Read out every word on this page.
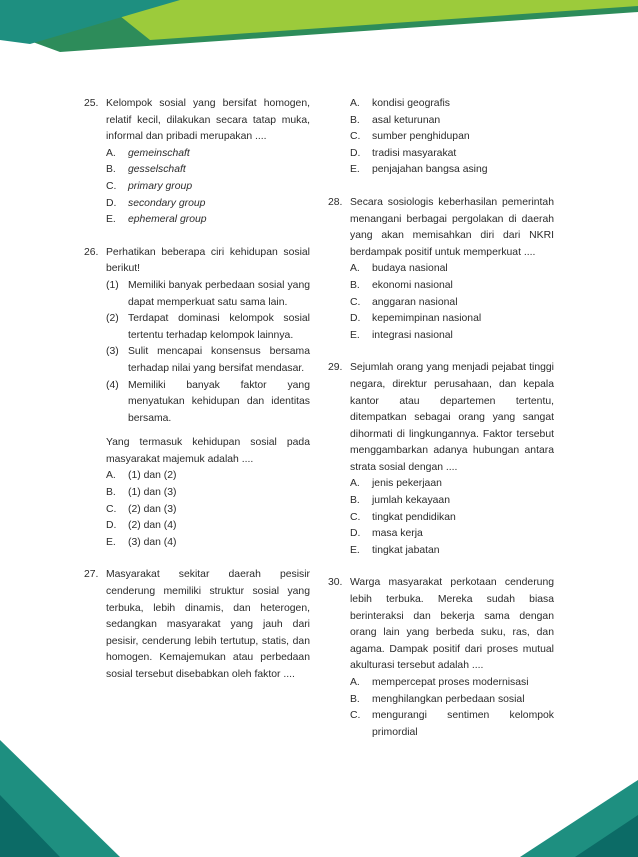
25. Kelompok sosial yang bersifat homogen, relatif kecil, dilakukan secara tatap muka, informal dan pribadi merupakan ....
A.	gemeinschaft
B.	gesselschaft
C.	primary group
D.	secondary group
E.	ephemeral group
26. Perhatikan beberapa ciri kehidupan sosial berikut!
(1) Memiliki banyak perbedaan sosial yang dapat memperkuat satu sama lain.
(2) Terdapat dominasi kelompok sosial tertentu terhadap kelompok lainnya.
(3) Sulit mencapai konsensus bersama terhadap nilai yang bersifat mendasar.
(4) Memiliki banyak faktor yang menyatukan kehidupan dan identitas bersama.
Yang termasuk kehidupan sosial pada masyarakat majemuk adalah ....
A.	(1) dan (2)
B.	(1) dan (3)
C.	(2) dan (3)
D.	(2) dan (4)
E.	(3) dan (4)
27. Masyarakat sekitar daerah pesisir cenderung memiliki struktur sosial yang terbuka, lebih dinamis, dan heterogen, sedangkan masyarakat yang jauh dari pesisir, cenderung lebih tertutup, statis, dan homogen. Kemajemukan atau perbedaan sosial tersebut disebabkan oleh faktor ....
A.	kondisi geografis
B.	asal keturunan
C.	sumber penghidupan
D.	tradisi masyarakat
E.	penjajahan bangsa asing
28. Secara sosiologis keberhasilan pemerintah menangani berbagai pergolakan di daerah yang akan memisahkan diri dari NKRI berdampak positif untuk memperkuat ....
A.	budaya nasional
B.	ekonomi nasional
C.	anggaran nasional
D.	kepemimpinan nasional
E.	integrasi nasional
29. Sejumlah orang yang menjadi pejabat tinggi negara, direktur perusahaan, dan kepala kantor atau departemen tertentu, ditempatkan sebagai orang yang sangat dihormati di lingkungannya. Faktor tersebut menggambarkan adanya hubungan antara strata sosial dengan ....
A.	jenis pekerjaan
B.	jumlah kekayaan
C.	tingkat pendidikan
D.	masa kerja
E.	tingkat jabatan
30. Warga masyarakat perkotaan cenderung lebih terbuka. Mereka sudah biasa berinteraksi dan bekerja sama dengan orang lain yang berbeda suku, ras, dan agama. Dampak positif dari proses mutual akulturasi tersebut adalah ....
A.	mempercepat proses modernisasi
B.	menghilangkan perbedaan sosial
C.	mengurangi sentimen kelompok primordial
